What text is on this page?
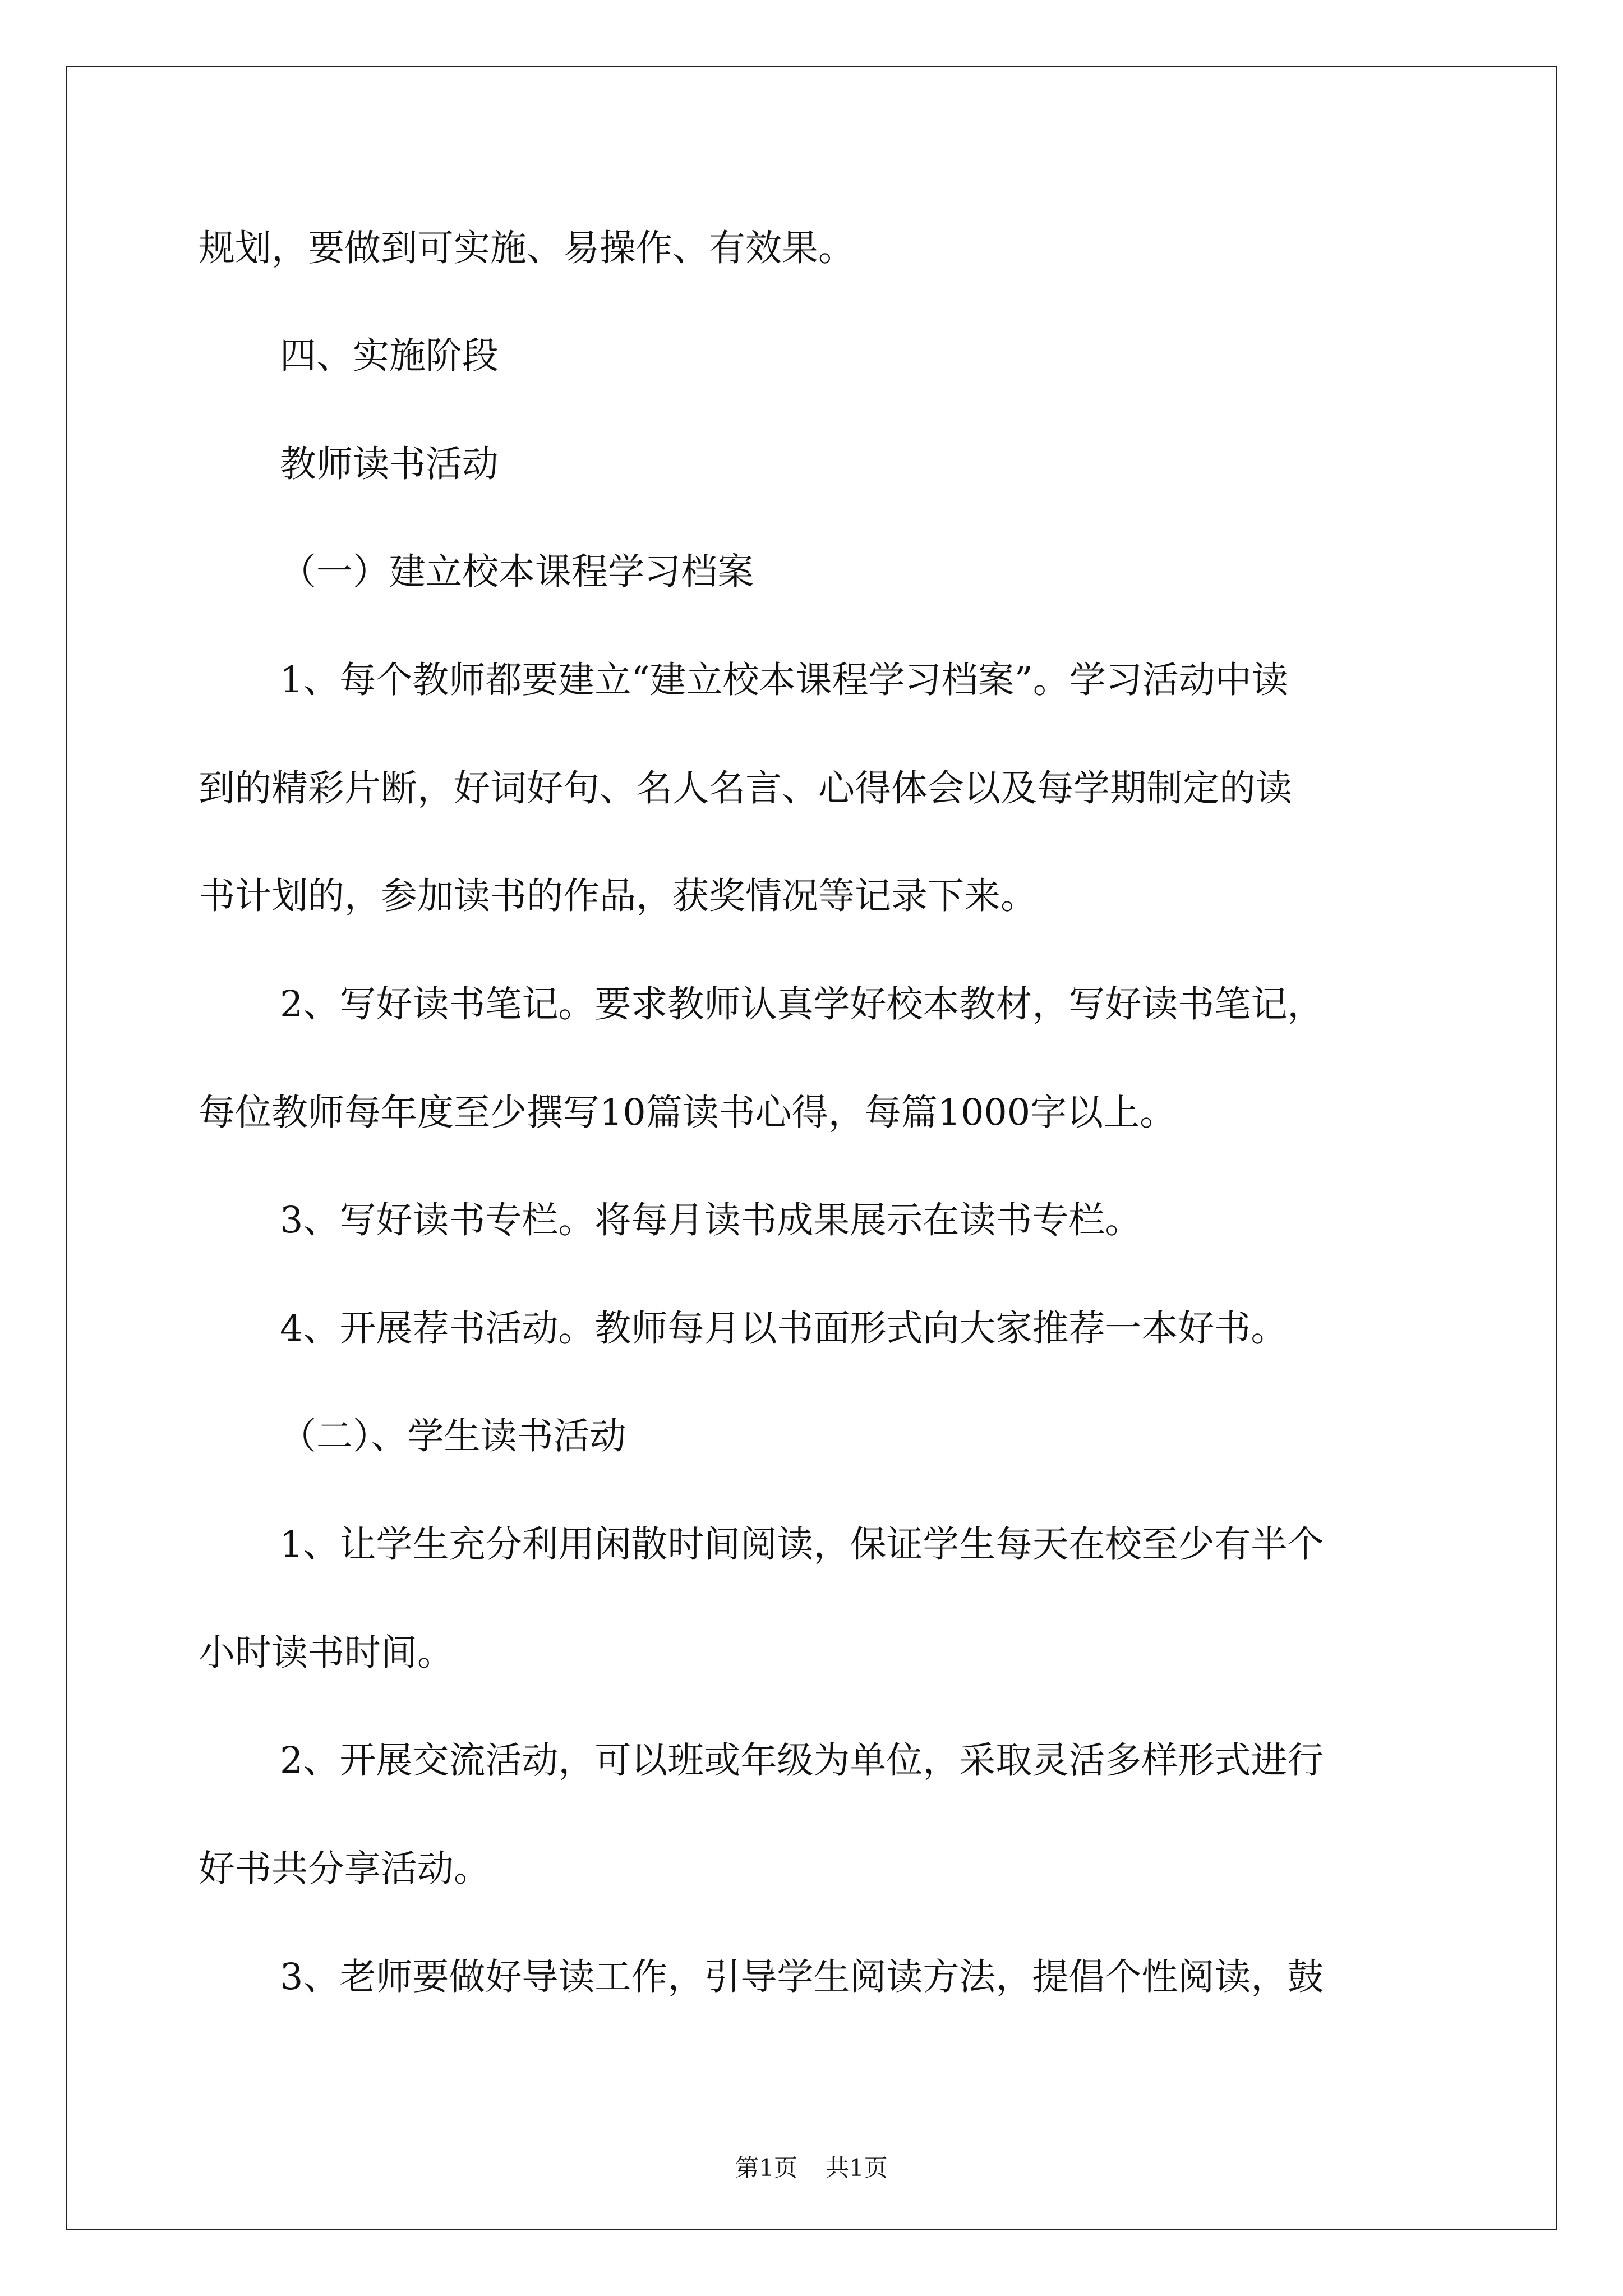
规划，要做到可实施、易操作、有效果。
四、实施阶段
教师读书活动
（一）建立校本课程学习档案
1、每个教师都要建立“建立校本课程学习档案”。学习活动中读
到的精彩片断，好词好句、名人名言、心得体会以及每学期制定的读
书计划的，参加读书的作品，获奖情况等记录下来。
2、写好读书笔记。要求教师认真学好校本教材，写好读书笔记，
每位教师每年度至少撰写10篇读书心得，每篇1000字以上。
3、写好读书专栏。将每月读书成果展示在读书专栏。
4、开展荐书活动。教师每月以书面形式向大家推荐一本好书。
（二）、学生读书活动
1、让学生充分利用闲散时间阅读，保证学生每天在校至少有半个
小时读书时间。
2、开展交流活动，可以班或年级为单位，采取灵活多样形式进行
好书共分享活动。
3、老师要做好导读工作，引导学生阅读方法，提倡个性阅读，鼓
第1页 共1页
